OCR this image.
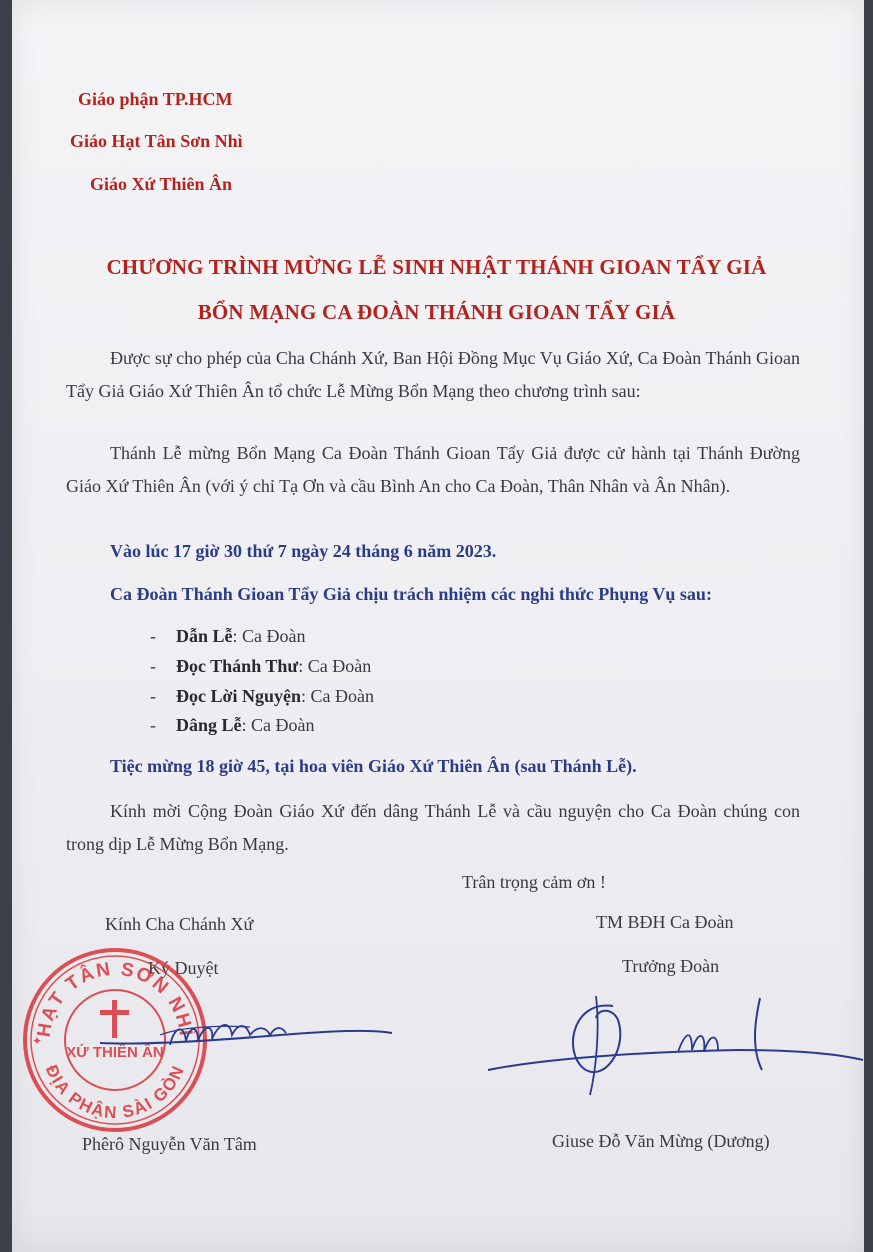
Giáo phận TP.HCM
Giáo Hạt Tân Sơn Nhì
Giáo Xứ Thiên Ân
CHƯƠNG TRÌNH MỪNG LỄ SINH NHẬT THÁNH GIOAN TẨY GIẢ
BỔN MẠNG CA ĐOÀN THÁNH GIOAN TẨY GIẢ
Được sự cho phép của Cha Chánh Xứ, Ban Hội Đồng Mục Vụ Giáo Xứ, Ca Đoàn Thánh Gioan Tẩy Giả Giáo Xứ Thiên Ân tổ chức Lễ Mừng Bổn Mạng theo chương trình sau:
Thánh Lễ mừng Bổn Mạng Ca Đoàn Thánh Gioan Tẩy Giả được cử hành tại Thánh Đường Giáo Xứ Thiên Ân (với ý chỉ Tạ Ơn và cầu Bình An cho Ca Đoàn, Thân Nhân và Ân Nhân).
Vào lúc 17 giờ 30 thứ 7 ngày 24 tháng 6 năm 2023.
Ca Đoàn Thánh Gioan Tẩy Giả chịu trách nhiệm các nghi thức Phụng Vụ sau:
- Dẫn Lễ: Ca Đoàn
- Đọc Thánh Thư: Ca Đoàn
- Đọc Lời Nguyện: Ca Đoàn
- Dâng Lễ: Ca Đoàn
Tiệc mừng 18 giờ 45, tại hoa viên Giáo Xứ Thiên Ân (sau Thánh Lễ).
Kính mời Cộng Đoàn Giáo Xứ đến dâng Thánh Lễ và cầu nguyện cho Ca Đoàn chúng con trong dịp Lễ Mừng Bổn Mạng.
Trân trọng cảm ơn !
Kính Cha Chánh Xứ
Ký Duyệt
TM BĐH Ca Đoàn
Trưởng Đoàn
HẠT TÂN SƠN NHÌ
ĐỊA PHẬN SÀI GÒN
XỨ THIÊN ÂN
✦
Phêrô Nguyễn Văn Tâm	Giuse Đỗ Văn Mừng (Dương)
